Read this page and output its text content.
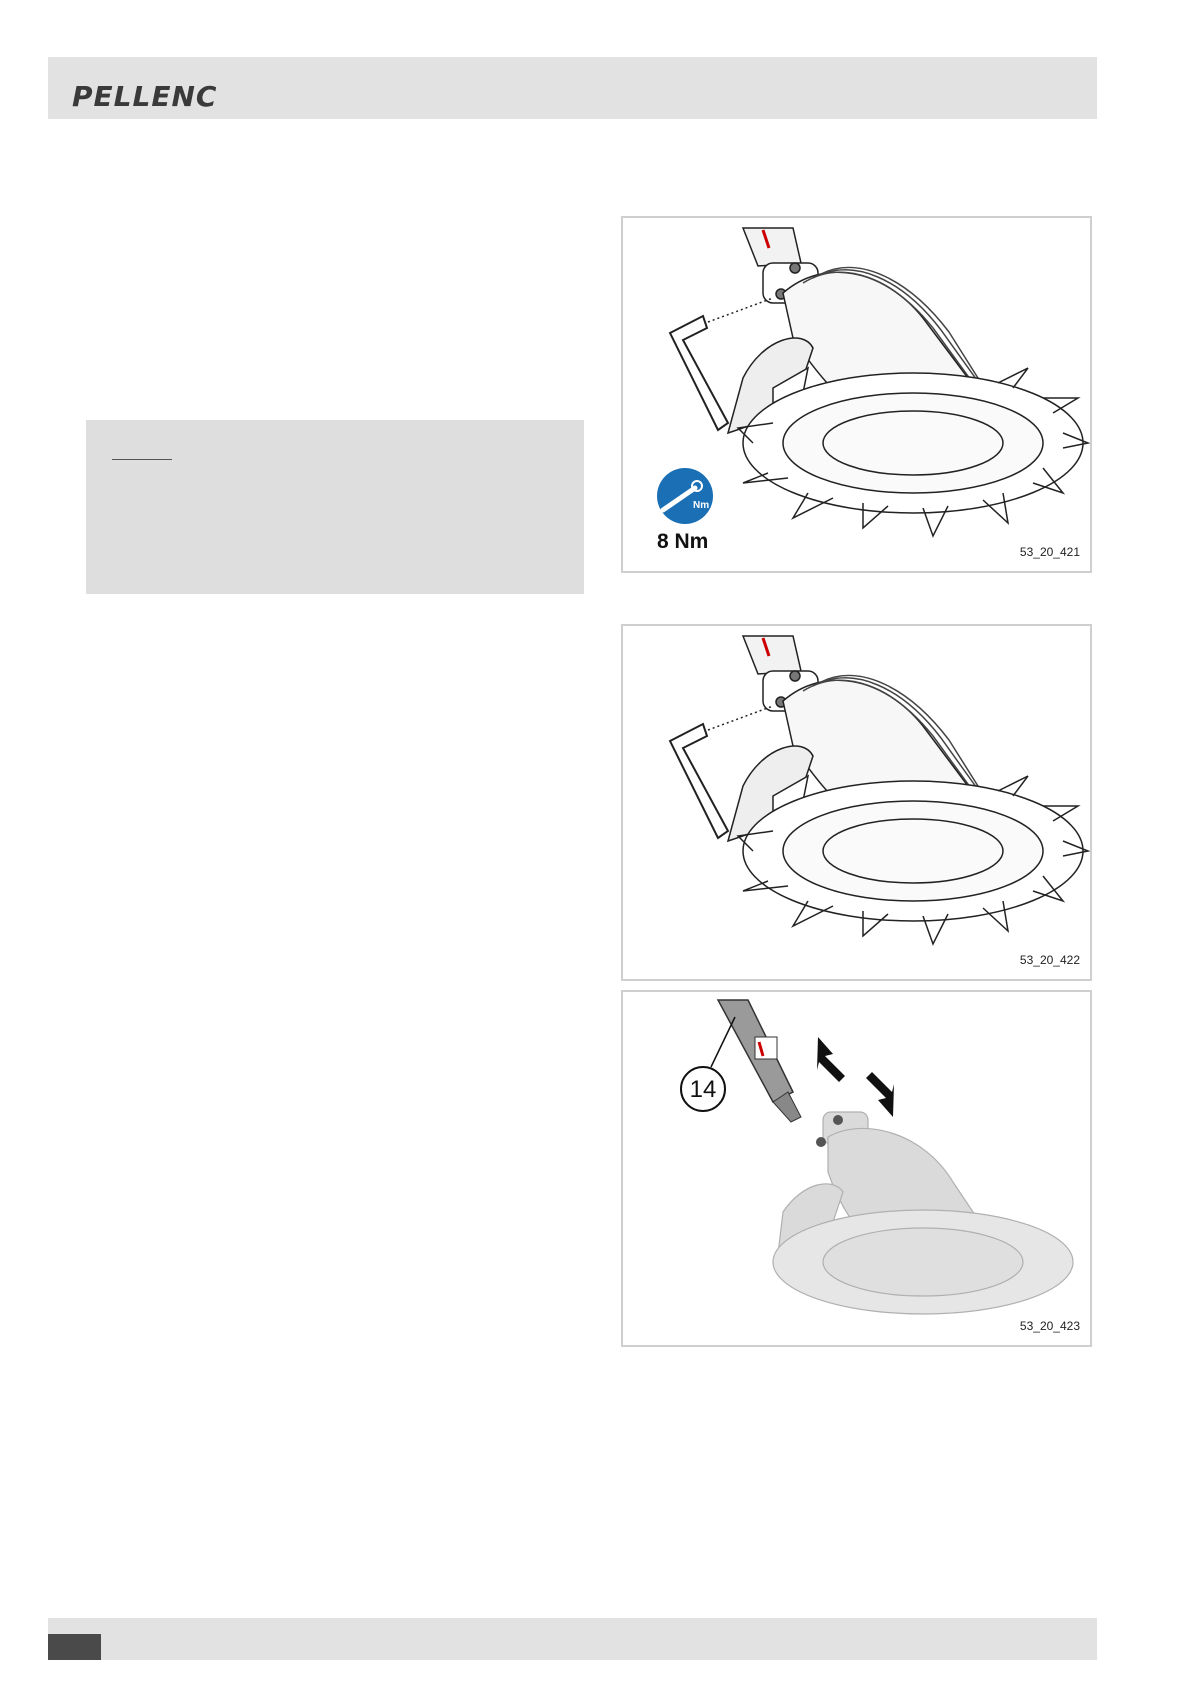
PELLENC
Nm
8 Nm	53_20_421
53_20_422
14
53_20_423
